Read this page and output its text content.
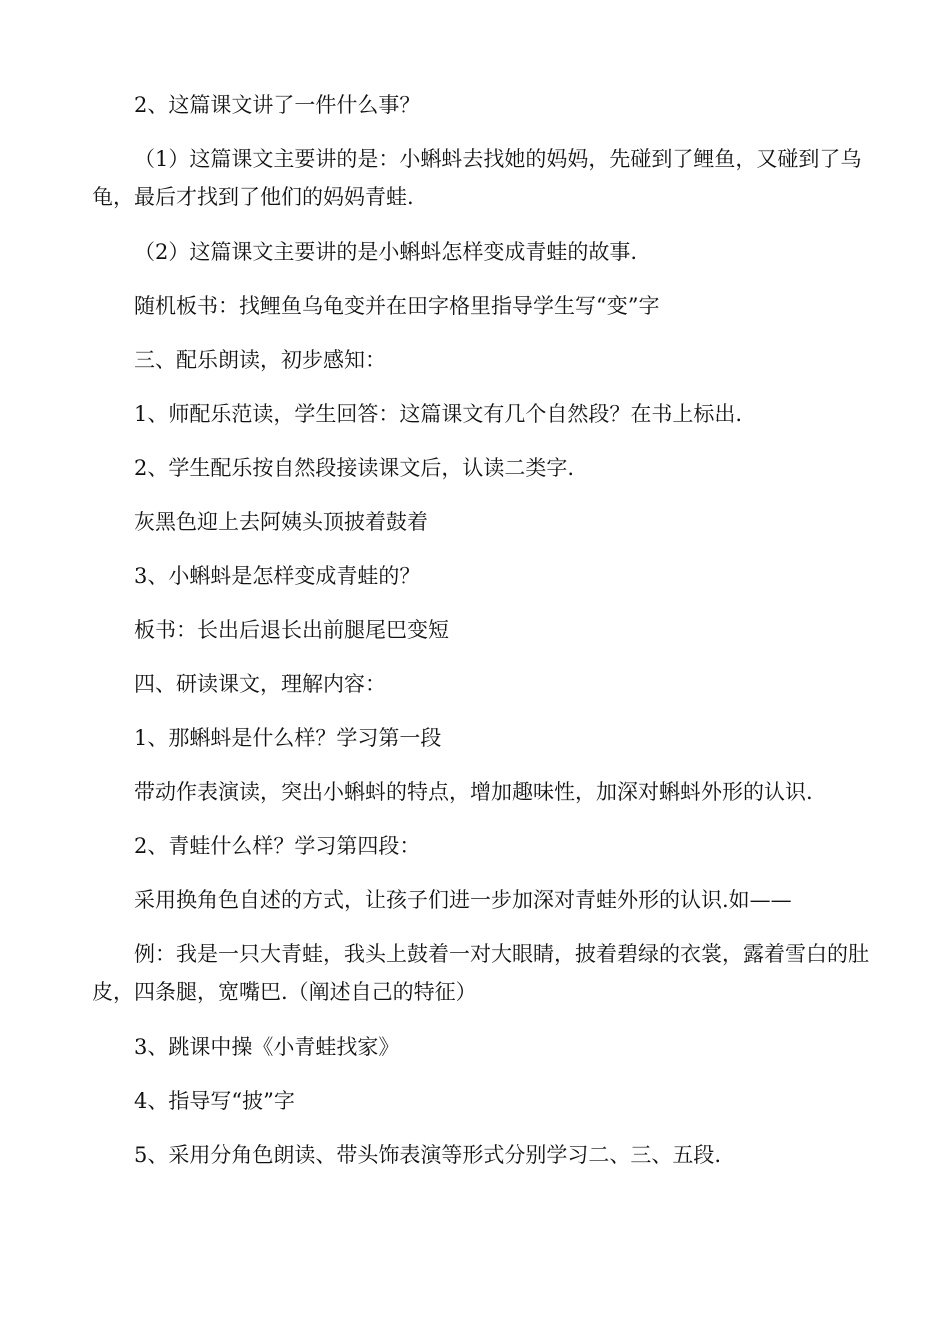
2、这篇课文讲了一件什么事？

（1）这篇课文主要讲的是：小蝌蚪去找她的妈妈，先碰到了鲤鱼，又碰到了乌龟，最后才找到了他们的妈妈青蛙.

（2）这篇课文主要讲的是小蝌蚪怎样变成青蛙的故事.

随机板书：找鲤鱼乌龟变并在田字格里指导学生写“变”字

三、配乐朗读，初步感知：

1、师配乐范读，学生回答：这篇课文有几个自然段？在书上标出.

2、学生配乐按自然段接读课文后，认读二类字.

灰黑色迎上去阿姨头顶披着鼓着

3、小蝌蚪是怎样变成青蛙的？

板书：长出后退长出前腿尾巴变短

四、研读课文，理解内容：

1、那蝌蚪是什么样？学习第一段

带动作表演读，突出小蝌蚪的特点，增加趣味性，加深对蝌蚪外形的认识.

2、青蛙什么样？学习第四段：

采用换角色自述的方式，让孩子们进一步加深对青蛙外形的认识.如——

例：我是一只大青蛙，我头上鼓着一对大眼睛，披着碧绿的衣裳，露着雪白的肚皮，四条腿，宽嘴巴.（阐述自己的特征）

3、跳课中操《小青蛙找家》

4、指导写“披”字

5、采用分角色朗读、带头饰表演等形式分别学习二、三、五段.
